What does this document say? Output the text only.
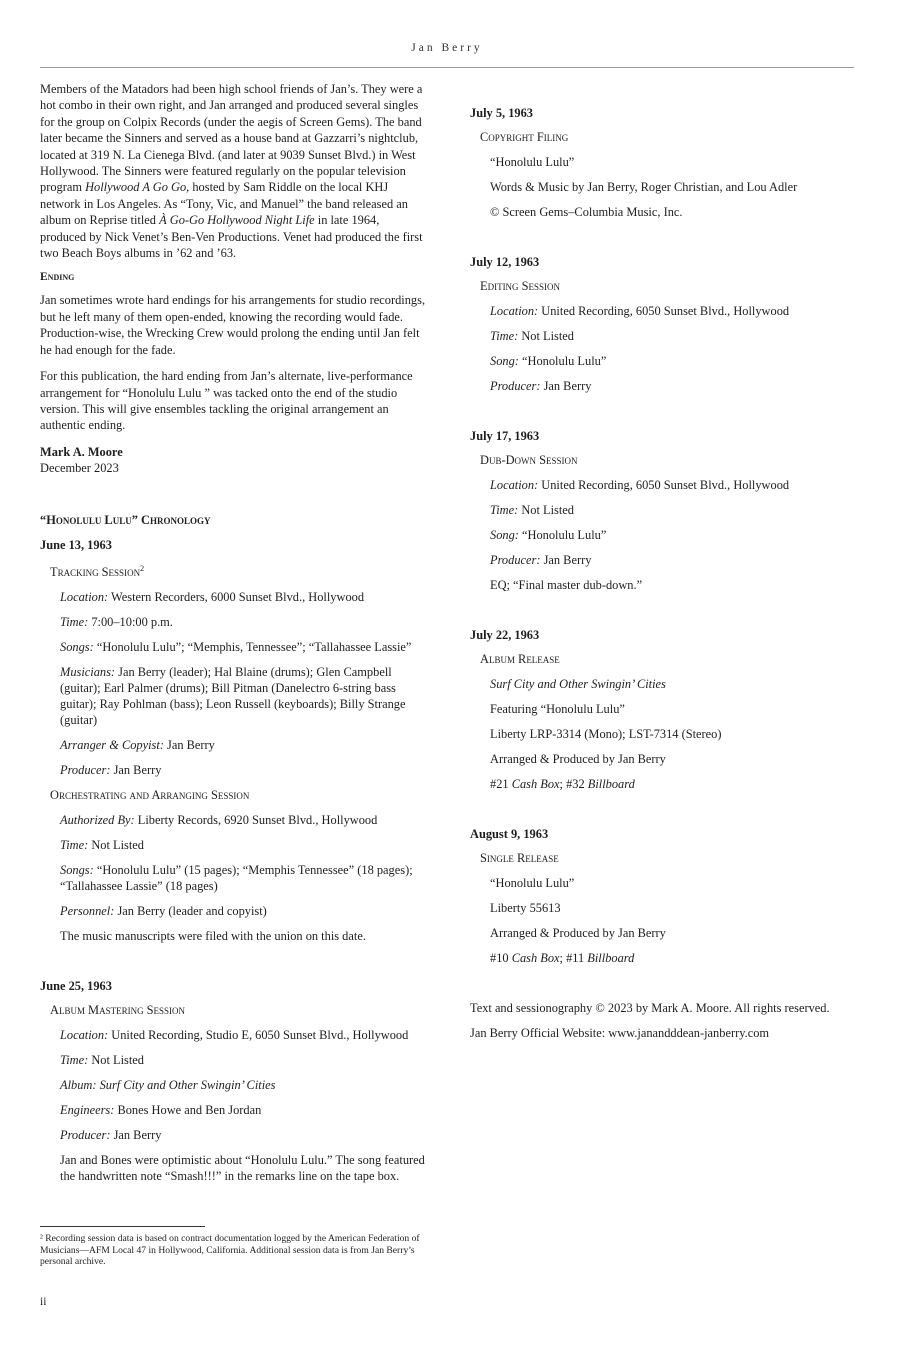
Jan Berry

Members of the Matadors had been high school friends of Jan’s. They were a hot combo in their own right, and Jan arranged and produced several singles for the group on Colpix Records (under the aegis of Screen Gems). The band later became the Sinners and served as a house band at Gazzarri’s nightclub, located at 319 N. La Cienega Blvd. (and later at 9039 Sunset Blvd.) in West Hollywood. The Sinners were featured regularly on the popular television program Hollywood A Go Go, hosted by Sam Riddle on the local KHJ network in Los Angeles. As “Tony, Vic, and Manuel” the band released an album on Reprise titled À Go-Go Hollywood Night Life in late 1964, produced by Nick Venet’s Ben-Ven Productions. Venet had produced the first two Beach Boys albums in ’62 and ’63.

Ending

Jan sometimes wrote hard endings for his arrangements for studio recordings, but he left many of them open-ended, knowing the recording would fade. Production-wise, the Wrecking Crew would prolong the ending until Jan felt he had enough for the fade.

For this publication, the hard ending from Jan’s alternate, live-performance arrangement for “Honolulu Lulu ” was tacked onto the end of the studio version. This will give ensembles tackling the original arrangement an authentic ending.

Mark A. Moore
December 2023
“Honolulu Lulu” Chronology
June 13, 1963
Tracking Session$^2$
Location: Western Recorders, 6000 Sunset Blvd., Hollywood
Time: 7:00–10:00 p.m.
Songs: “Honolulu Lulu”; “Memphis, Tennessee”; “Tallahassee Lassie”
Musicians: Jan Berry (leader); Hal Blaine (drums); Glen Campbell (guitar); Earl Palmer (drums); Bill Pitman (Danelectro 6-string bass guitar); Ray Pohlman (bass); Leon Russell (keyboards); Billy Strange (guitar)
Arranger & Copyist: Jan Berry
Producer: Jan Berry
Orchestrating and Arranging Session
Authorized By: Liberty Records, 6920 Sunset Blvd., Hollywood
Time: Not Listed
Songs: “Honolulu Lulu” (15 pages); “Memphis Tennessee” (18 pages); “Tallahassee Lassie” (18 pages)
Personnel: Jan Berry (leader and copyist)
The music manuscripts were filed with the union on this date.
June 25, 1963
Album Mastering Session
Location: United Recording, Studio E, 6050 Sunset Blvd., Hollywood
Time: Not Listed
Album: Surf City and Other Swingin’ Cities
Engineers: Bones Howe and Ben Jordan
Producer: Jan Berry
Jan and Bones were optimistic about “Honolulu Lulu.” The song featured the handwritten note “Smash!!!” in the remarks line on the tape box.
² Recording session data is based on contract documentation logged by the American Federation of Musicians—AFM Local 47 in Hollywood, California. Additional session data is from Jan Berry’s personal archive.
ii
July 5, 1963
Copyright Filing
“Honolulu Lulu”
Words & Music by Jan Berry, Roger Christian, and Lou Adler
© Screen Gems–Columbia Music, Inc.
July 12, 1963
Editing Session
Location: United Recording, 6050 Sunset Blvd., Hollywood
Time: Not Listed
Song: “Honolulu Lulu”
Producer: Jan Berry
July 17, 1963
Dub-Down Session
Location: United Recording, 6050 Sunset Blvd., Hollywood
Time: Not Listed
Song: “Honolulu Lulu”
Producer: Jan Berry
EQ; “Final master dub-down.”
July 22, 1963
Album Release
Surf City and Other Swingin’ Cities
Featuring “Honolulu Lulu”
Liberty LRP-3314 (Mono); LST-7314 (Stereo)
Arranged & Produced by Jan Berry
#21 Cash Box; #32 Billboard
August 9, 1963
Single Release
“Honolulu Lulu”
Liberty 55613
Arranged & Produced by Jan Berry
#10 Cash Box; #11 Billboard
Text and sessionography © 2023 by Mark A. Moore. All rights reserved.
Jan Berry Official Website: www.janandddean-janberry.com
